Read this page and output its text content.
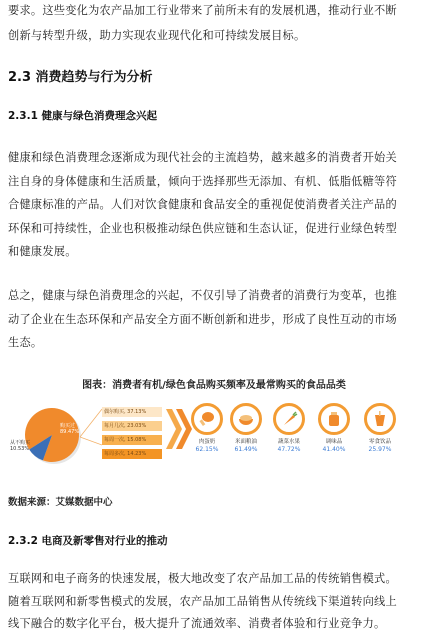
要求。这些变化为农产品加工行业带来了前所未有的发展机遇，推动行业不断
创新与转型升级，助力实现农业现代化和可持续发展目标。
2.3 消费趋势与行为分析
2.3.1 健康与绿色消费理念兴起
健康和绿色消费理念逐渐成为现代社会的主流趋势，越来越多的消费者开始关
注自身的身体健康和生活质量，倾向于选择那些无添加、有机、低脂低糖等符
合健康标准的产品。人们对饮食健康和食品安全的重视促使消费者关注产品的
环保和可持续性，企业也积极推动绿色供应链和生态认证，促进行业绿色转型
和健康发展。
总之，健康与绿色消费理念的兴起，不仅引导了消费者的消费行为变革，也推
动了企业在生态环保和产品安全方面不断创新和进步，形成了良性互动的市场
生态。
图表：消费者有机/绿色食品购买频率及最常购买的食品品类
购买过
89.47%
从不购买
10.53%
偶尔购买, 37.13%
每月几次, 23.03%
每周一次, 15.08%
每周多次, 14.23%
肉蛋奶
62.15%
米面粮油
61.49%
蔬菜水果
47.72%
调味品
41.40%
零食饮品
25.97%
数据来源：艾媒数据中心
2.3.2 电商及新零售对行业的推动
互联网和电子商务的快速发展，极大地改变了农产品加工品的传统销售模式。
随着互联网和新零售模式的发展，农产品加工品销售从传统线下渠道转向线上
线下融合的数字化平台，极大提升了流通效率、消费者体验和行业竞争力。
